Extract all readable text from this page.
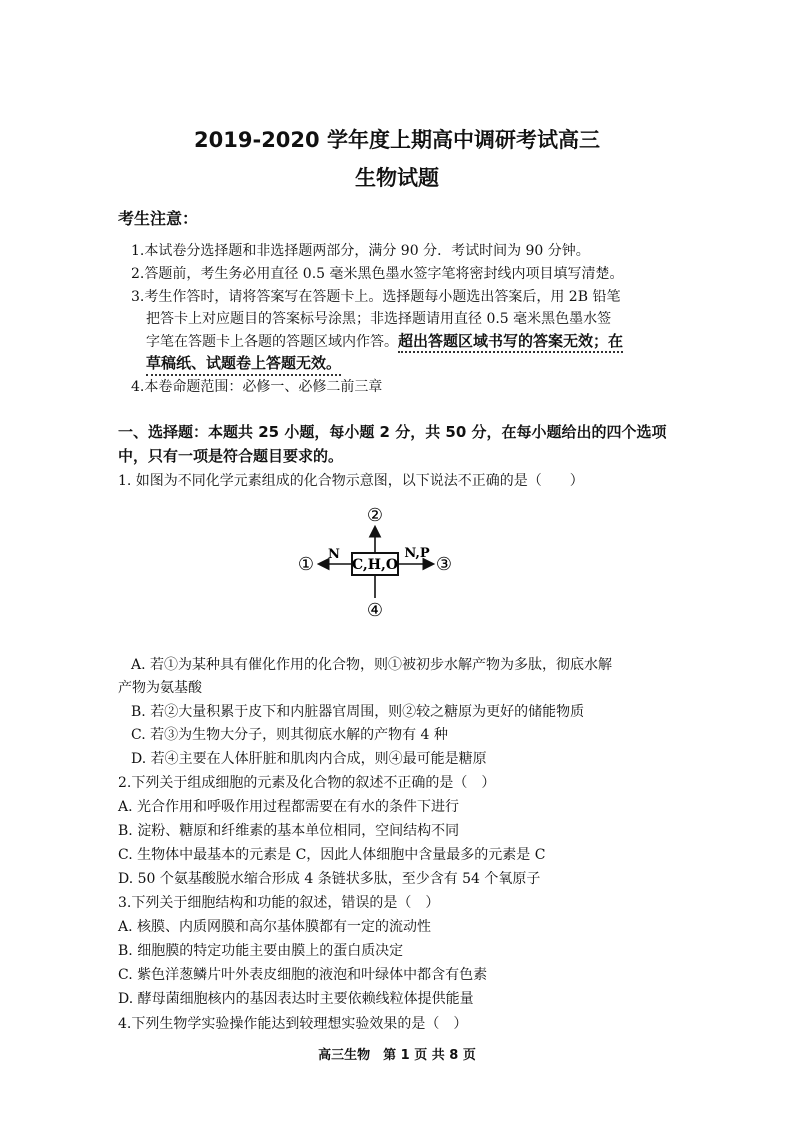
2019-2020 学年度上期高中调研考试高三
生物试题
考生注意：
1.本试卷分选择题和非选择题两部分，满分 90 分．考试时间为 90 分钟。
2.答题前，考生务必用直径 0.5 毫米黑色墨水签字笔将密封线内项目填写清楚。
3.考生作答时，请将答案写在答题卡上。选择题每小题选出答案后，用 2B 铅笔
把答卡上对应题目的答案标号涂黑；非选择题请用直径 0.5 毫米黑色墨水签
字笔在答题卡上各题的答题区域内作答。超出答题区域书写的答案无效；在
草稿纸、试题卷上答题无效。
4.本卷命题范围：必修一、必修二前三章
一、选择题：本题共 25 小题，每小题 2 分，共 50 分，在每小题给出的四个选项
中，只有一项是符合题目要求的。
1. 如图为不同化学元素组成的化合物示意图，以下说法不正确的是（　　）
C,H,O
N	N,P
②
①	③
④
A. 若①为某种具有催化作用的化合物，则①被初步水解产物为多肽，彻底水解
产物为氨基酸
B. 若②大量积累于皮下和内脏器官周围，则②较之糖原为更好的储能物质
C. 若③为生物大分子，则其彻底水解的产物有 4 种
D. 若④主要在人体肝脏和肌肉内合成，则④最可能是糖原
2.下列关于组成细胞的元素及化合物的叙述不正确的是（　）
A. 光合作用和呼吸作用过程都需要在有水的条件下进行
B. 淀粉、糖原和纤维素的基本单位相同，空间结构不同
C. 生物体中最基本的元素是 C，因此人体细胞中含量最多的元素是 C
D. 50 个氨基酸脱水缩合形成 4 条链状多肽，至少含有 54 个氧原子
3.下列关于细胞结构和功能的叙述，错误的是（　）
A. 核膜、内质网膜和高尔基体膜都有一定的流动性
B. 细胞膜的特定功能主要由膜上的蛋白质决定
C. 紫色洋葱鳞片叶外表皮细胞的液泡和叶绿体中都含有色素
D. 酵母菌细胞核内的基因表达时主要依赖线粒体提供能量
4.下列生物学实验操作能达到较理想实验效果的是（　）
高三生物　第 1 页 共 8 页
